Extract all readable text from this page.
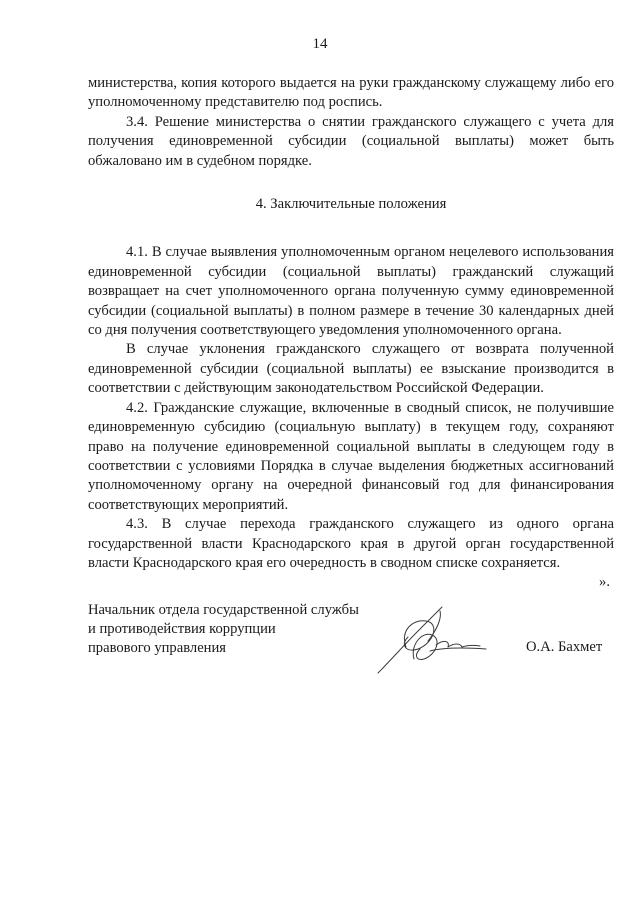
14

министерства, копия которого выдается на руки гражданскому служащему либо его уполномоченному представителю под роспись.

3.4. Решение министерства о снятии гражданского служащего с учета для получения единовременной субсидии (социальной выплаты) может быть обжаловано им в судебном порядке.

4. Заключительные положения

4.1. В случае выявления уполномоченным органом нецелевого использования единовременной субсидии (социальной выплаты) гражданский служащий возвращает на счет уполномоченного органа полученную сумму единовременной субсидии (социальной выплаты) в полном размере в течение 30 календарных дней со дня получения соответствующего уведомления уполномоченного органа.

В случае уклонения гражданского служащего от возврата полученной единовременной субсидии (социальной выплаты) ее взыскание производится в соответствии с действующим законодательством Российской Федерации.

4.2. Гражданские служащие, включенные в сводный список, не получившие единовременную субсидию (социальную выплату) в текущем году, сохраняют право на получение единовременной социальной выплаты в следующем году в соответствии с условиями Порядка в случае выделения бюджетных ассигнований уполномоченному органу на очередной финансовый год для финансирования соответствующих мероприятий.

4.3. В случае перехода гражданского служащего из одного органа государственной власти Краснодарского края в другой орган государственной власти Краснодарского края его очередность в сводном списке сохраняется.

».

Начальник отдела государственной службы
и противодействия коррупции
правового управления	О.А. Бахмет
